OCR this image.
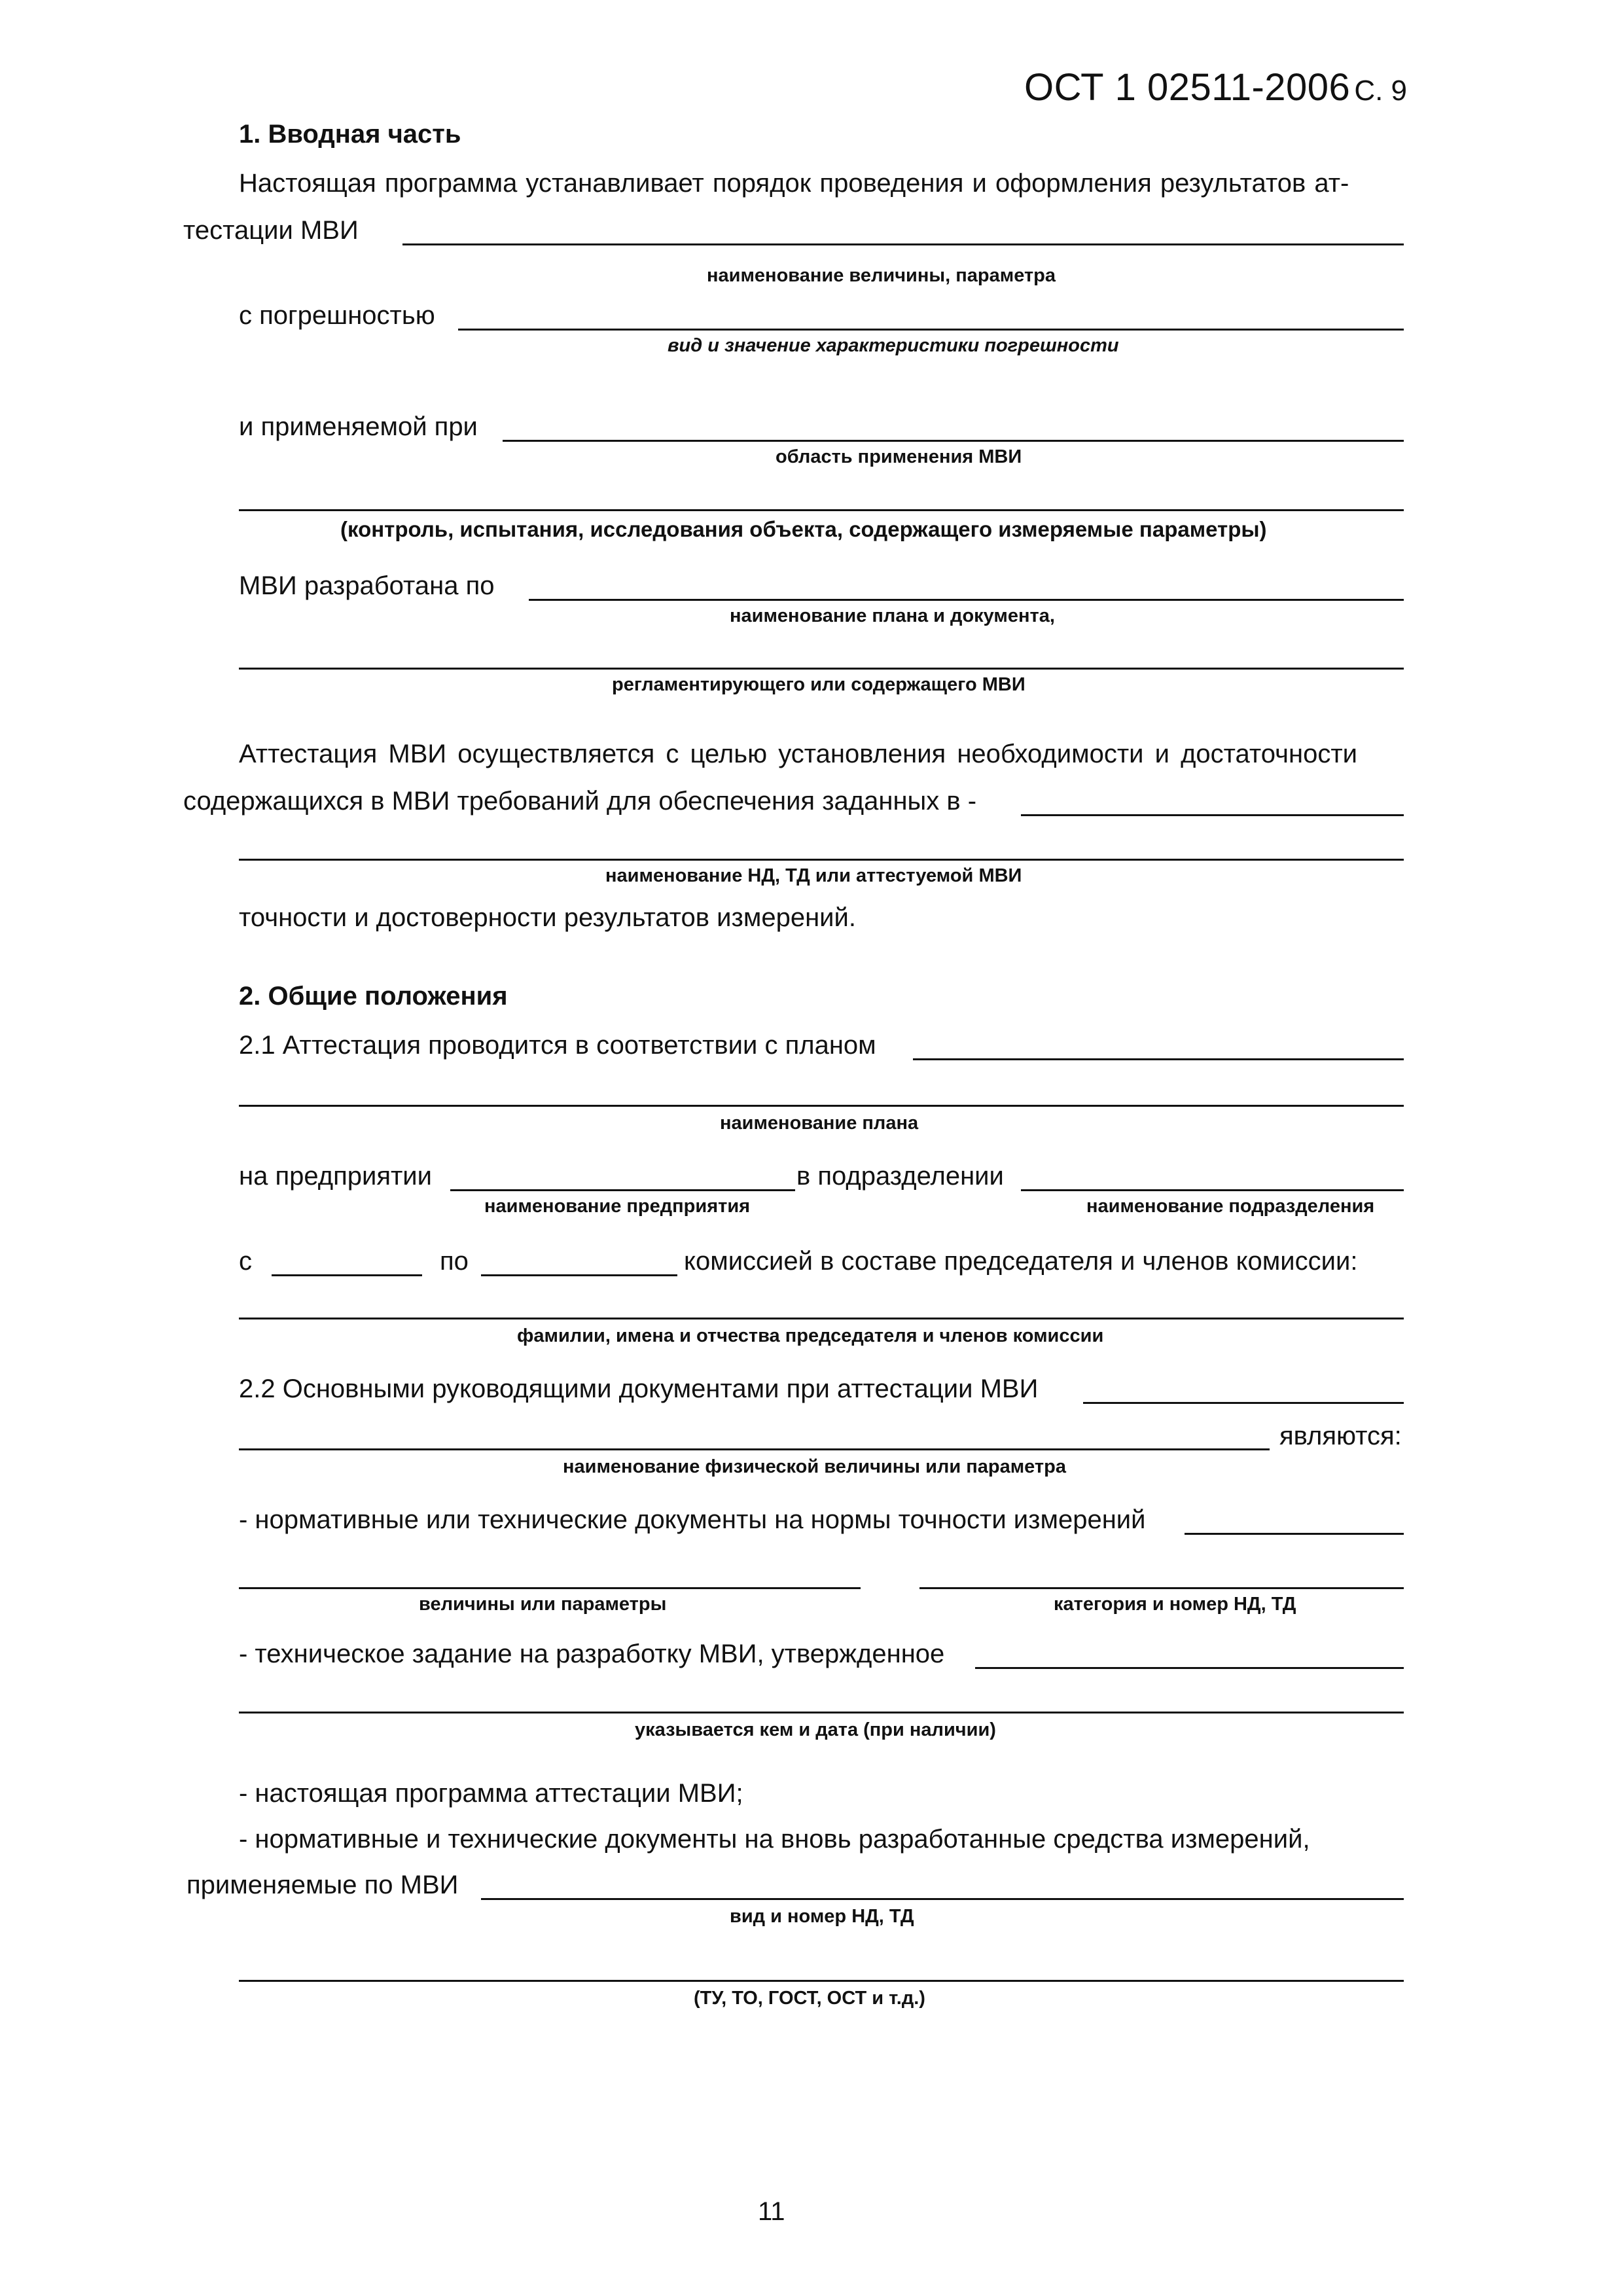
ОСТ 1 02511-2006 С. 9
1. Вводная часть
Настоящая программа устанавливает порядок проведения и оформления результатов ат-
тестации МВИ
наименование величины, параметра
с погрешностью
вид и значение характеристики погрешности
и применяемой при
область применения МВИ
(контроль, испытания, исследования объекта, содержащего измеряемые параметры)
МВИ разработана по
наименование плана и документа,
регламентирующего или содержащего МВИ
Аттестация МВИ осуществляется с целью установления необходимости и достаточности
содержащихся в МВИ требований для обеспечения заданных в -
наименование НД, ТД или аттестуемой МВИ
точности и достоверности результатов измерений.
2. Общие положения
2.1 Аттестация проводится в соответствии с планом
наименование плана
на предприятии	в подразделении
наименование предприятия	наименование подразделения
с	по	комиссией в составе председателя и членов комиссии:
фамилии, имена и отчества председателя и членов комиссии
2.2 Основными руководящими документами при аттестации МВИ
являются:
наименование физической величины или параметра
- нормативные или технические документы на нормы точности измерений
величины или параметры	категория и номер НД, ТД
- техническое задание на разработку МВИ, утвержденное
указывается кем и дата (при наличии)
- настоящая программа аттестации МВИ;
- нормативные и технические документы на вновь разработанные средства измерений,
применяемые по МВИ
вид и номер НД, ТД
(ТУ, ТО, ГОСТ, ОСТ и т.д.)
11
